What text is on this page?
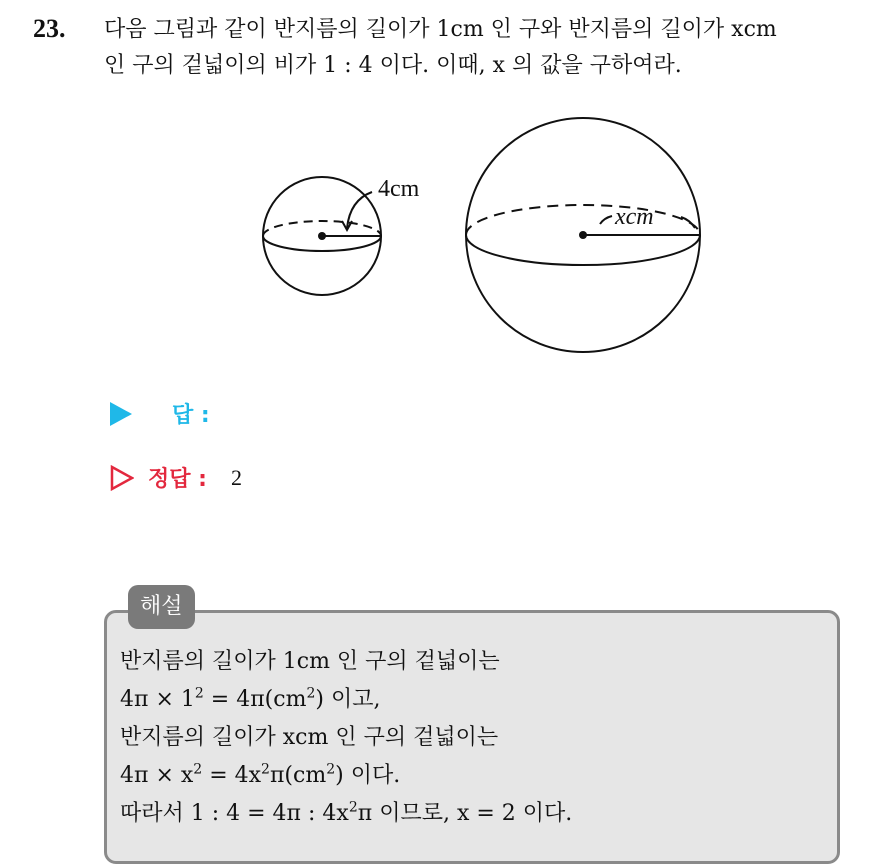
23. 다음 그림과 같이 반지름의 길이가 1cm 인 구와 반지름의 길이가 xcm
인 구의 겉넓이의 비가 1 : 4 이다. 이때, x 의 값을 구하여라.
4cm
xcm
답 :
정답 : 2
해설
반지름의 길이가 1cm 인 구의 겉넓이는
$4\pi \times 1^2 = 4\pi(cm^2)$ 이고,
반지름의 길이가 xcm 인 구의 겉넓이는
$4\pi \times x^2 = 4x^2\pi(cm^2)$ 이다.
따라서 1 : 4 = 4π : $4x^2\pi$ 이므로, x = 2 이다.
